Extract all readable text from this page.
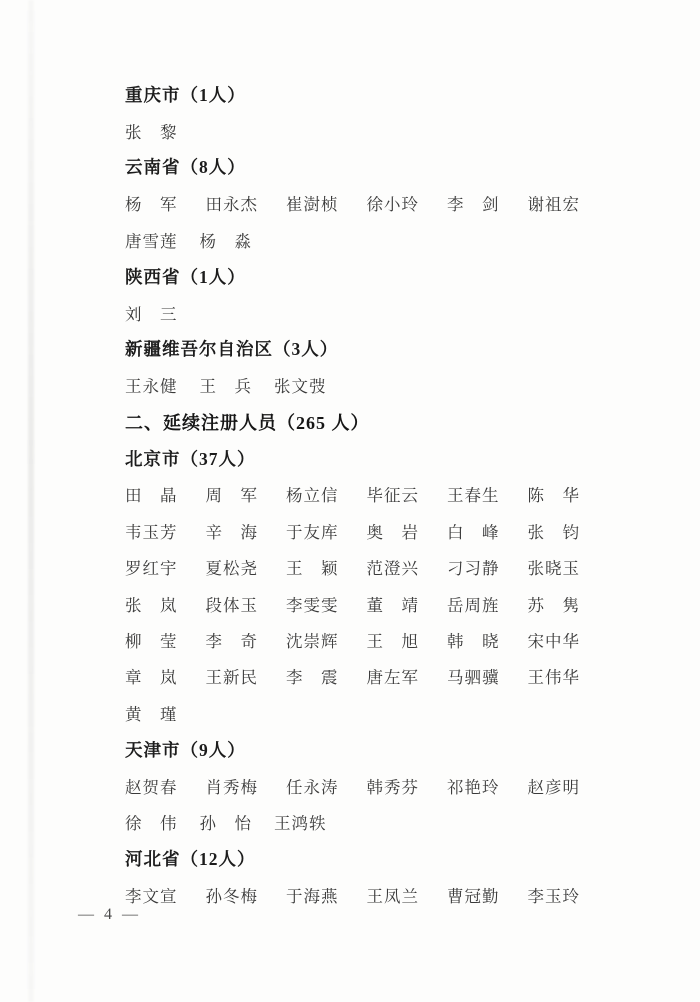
重庆市（1人）
张　黎
云南省（8人）
杨　军 田永杰 崔澍桢 徐小玲 李　剑 谢祖宏
唐雪莲 杨　淼
陕西省（1人）
刘　三
新疆维吾尔自治区（3人）
王永健 王　兵 张文弢
二、延续注册人员（265 人）
北京市（37人）
田　晶 周　军 杨立信 毕征云 王春生 陈　华
韦玉芳 辛　海 于友库 奥　岩 白　峰 张　钧
罗红宇 夏松尧 王　颖 范澄兴 刁习静 张晓玉
张　岚 段体玉 李雯雯 董　靖 岳周旌 苏　隽
柳　莹 李　奇 沈崇辉 王　旭 韩　晓 宋中华
章　岚 王新民 李　震 唐左军 马驷骥 王伟华
黄　瑾
天津市（9人）
赵贺春 肖秀梅 任永涛 韩秀芬 祁艳玲 赵彦明
徐　伟 孙　怡 王鸿轶
河北省（12人）
李文宣 孙冬梅 于海燕 王凤兰 曹冠勤 李玉玲
— 4 —
